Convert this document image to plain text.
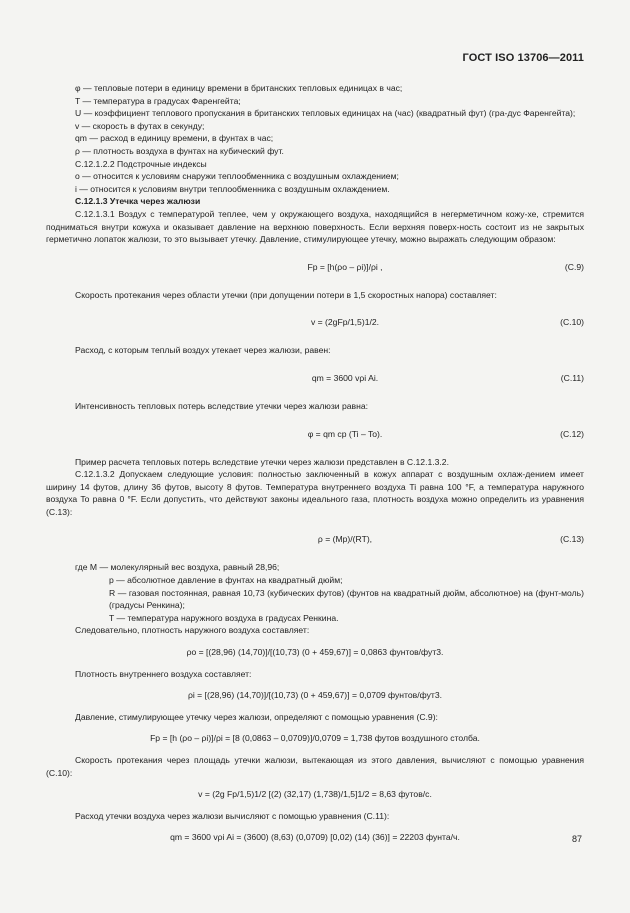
ГОСТ ISO 13706—2011

φ — тепловые потери в единицу времени в британских тепловых единицах в час;

T — температура в градусах Фаренгейта;

U — коэффициент теплового пропускания в британских тепловых единицах на (час) (квадратный фут) (гра-дус Фаренгейта);

v — скорость в футах в секунду;

qm — расход в единицу времени, в фунтах в час;

ρ — плотность воздуха в фунтах на кубический фут.

C.12.1.2.2 Подстрочные индексы

o — относится к условиям снаружи теплообменника с воздушным охлаждением;

i — относится к условиям внутри теплообменника с воздушным охлаждением.

C.12.1.3 Утечка через жалюзи

C.12.1.3.1 Воздух с температурой теплее, чем у окружающего воздуха, находящийся в негерметичном кожу-хе, стремится подниматься внутри кожуха и оказывает давление на верхнюю поверхность. Если верхняя поверх-ность состоит из не закрытых герметично лопаток жалюзи, то это вызывает утечку. Давление, стимулирующее утечку, можно выражать следующим образом:

Fp = [h(ρo – ρi)]/ρi ,	(C.9)

Скорость протекания через области утечки (при допущении потери в 1,5 скоростных напора) составляет:

v = (2gFp/1,5)1/2.	(C.10)

Расход, с которым теплый воздух утекает через жалюзи, равен:

qm = 3600 vρi Ai.	(C.11)

Интенсивность тепловых потерь вследствие утечки через жалюзи равна:

φ = qm cp (Ti – To).	(C.12)

Пример расчета тепловых потерь вследствие утечки через жалюзи представлен в C.12.1.3.2.

C.12.1.3.2 Допускаем следующие условия: полностью заключенный в кожух аппарат с воздушным охлаж-дением имеет ширину 14 футов, длину 36 футов, высоту 8 футов. Температура внутреннего воздуха Ti равна 100 °F, а температура наружного воздуха To равна 0 °F. Если допустить, что действуют законы идеального газа, плотность воздуха можно определить из уравнения (C.13):

ρ = (Mp)/(RT),	(C.13)

где M — молекулярный вес воздуха, равный 28,96;

p — абсолютное давление в фунтах на квадратный дюйм;

R — газовая постоянная, равная 10,73 (кубических футов) (фунтов на квадратный дюйм, абсолютное) на (фунт-моль) (градусы Ренкина);

T — температура наружного воздуха в градусах Ренкина.

Следовательно, плотность наружного воздуха составляет:

ρo = [(28,96) (14,70)]/[(10,73) (0 + 459,67)] = 0,0863 фунтов/фут3.

Плотность внутреннего воздуха составляет:

ρi = [(28,96) (14,70)]/[(10,73) (0 + 459,67)] = 0,0709 фунтов/фут3.

Давление, стимулирующее утечку через жалюзи, определяют с помощью уравнения (C.9):

Fp = [h (ρo – ρi)]/ρi = [8 (0,0863 – 0,0709)]/0,0709 = 1,738 футов воздушного столба.

Скорость протекания через площадь утечки жалюзи, вытекающая из этого давления, вычисляют с помощью уравнения (C.10):

v = (2g Fp/1,5)1/2 [(2) (32,17) (1,738)/1,5]1/2 = 8,63 футов/с.

Расход утечки воздуха через жалюзи вычисляют с помощью уравнения (C.11):

qm = 3600 vρi Ai = (3600) (8,63) (0,0709) [0,02) (14) (36)] = 22203 фунта/ч.	87
